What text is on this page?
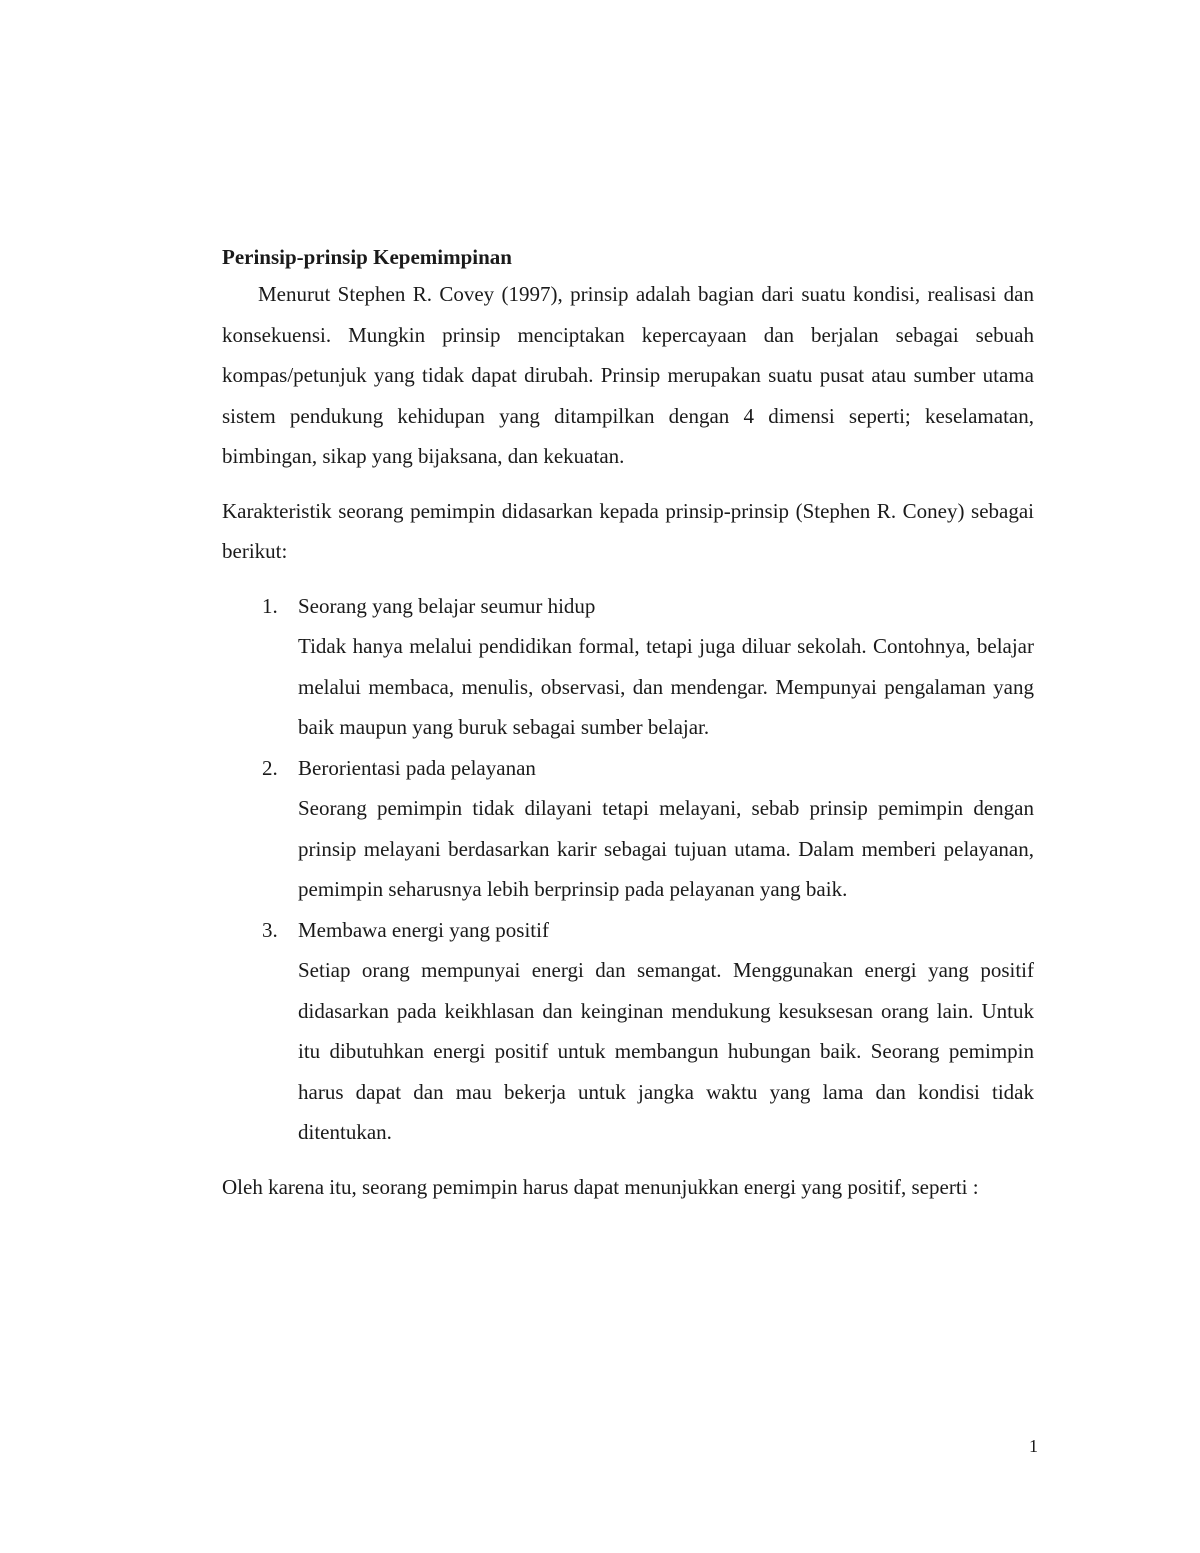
Perinsip-prinsip Kepemimpinan

Menurut Stephen R. Covey (1997), prinsip adalah bagian dari suatu kondisi, realisasi dan konsekuensi. Mungkin prinsip menciptakan kepercayaan dan berjalan sebagai sebuah kompas/petunjuk yang tidak dapat dirubah. Prinsip merupakan suatu pusat atau sumber utama sistem pendukung kehidupan yang ditampilkan dengan 4 dimensi seperti; keselamatan, bimbingan, sikap yang bijaksana, dan kekuatan.

Karakteristik seorang pemimpin didasarkan kepada prinsip-prinsip (Stephen R. Coney) sebagai berikut:

1. Seorang yang belajar seumur hidup
Tidak hanya melalui pendidikan formal, tetapi juga diluar sekolah. Contohnya, belajar melalui membaca, menulis, observasi, dan mendengar. Mempunyai pengalaman yang baik maupun yang buruk sebagai sumber belajar.
2. Berorientasi pada pelayanan
Seorang pemimpin tidak dilayani tetapi melayani, sebab prinsip pemimpin dengan prinsip melayani berdasarkan karir sebagai tujuan utama. Dalam memberi pelayanan, pemimpin seharusnya lebih berprinsip pada pelayanan yang baik.
3. Membawa energi yang positif
Setiap orang mempunyai energi dan semangat. Menggunakan energi yang positif didasarkan pada keikhlasan dan keinginan mendukung kesuksesan orang lain. Untuk itu dibutuhkan energi positif untuk membangun hubungan baik. Seorang pemimpin harus dapat dan mau bekerja untuk jangka waktu yang lama dan kondisi tidak ditentukan.

Oleh karena itu, seorang pemimpin harus dapat menunjukkan energi yang positif, seperti :

1
